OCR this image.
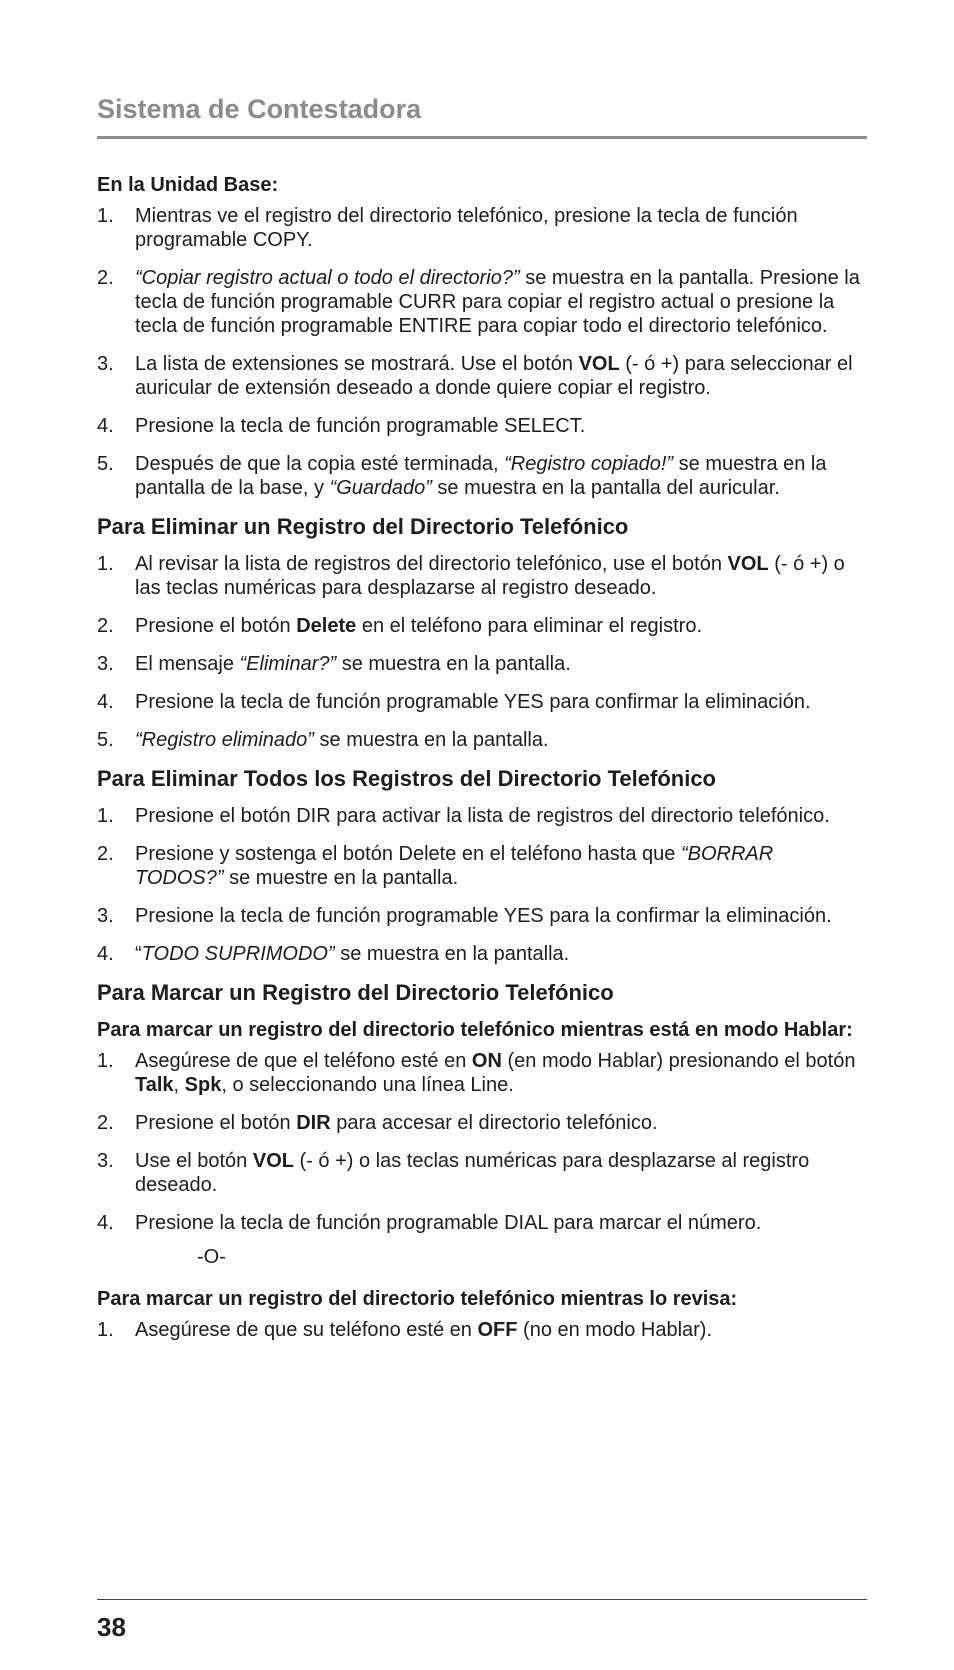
Sistema de Contestadora
En la Unidad Base:
1. Mientras ve el registro del directorio telefónico, presione la tecla de función programable COPY.
2. “Copiar registro actual o todo el directorio?” se muestra en la pantalla. Presione la tecla de función programable CURR para copiar el registro actual o presione la tecla de función programable ENTIRE para copiar todo el directorio telefónico.
3. La lista de extensiones se mostrará. Use el botón VOL (- ó +) para seleccionar el auricular de extensión deseado a donde quiere copiar el registro.
4. Presione la tecla de función programable SELECT.
5. Después de que la copia esté terminada, “Registro copiado!” se muestra en la pantalla de la base, y “Guardado” se muestra en la pantalla del auricular.
Para Eliminar un Registro del Directorio Telefónico
1. Al revisar la lista de registros del directorio telefónico, use el botón VOL (- ó +) o las teclas numéricas para desplazarse al registro deseado.
2. Presione el botón Delete en el teléfono para eliminar el registro.
3. El mensaje “Eliminar?” se muestra en la pantalla.
4. Presione la tecla de función programable YES para confirmar la eliminación.
5. “Registro eliminado” se muestra en la pantalla.
Para Eliminar Todos los Registros del Directorio Telefónico
1. Presione el botón DIR para activar la lista de registros del directorio telefónico.
2. Presione y sostenga el botón Delete en el teléfono hasta que “BORRAR TODOS?” se muestre en la pantalla.
3. Presione la tecla de función programable YES para la confirmar la eliminación.
4. “TODO SUPRIMODO” se muestra en la pantalla.
Para Marcar un Registro del Directorio Telefónico
Para marcar un registro del directorio telefónico mientras está en modo Hablar:
1. Asegúrese de que el teléfono esté en ON (en modo Hablar) presionando el botón Talk, Spk, o seleccionando una línea Line.
2. Presione el botón DIR para accesar el directorio telefónico.
3. Use el botón VOL (- ó +) o las teclas numéricas para desplazarse al registro deseado.
4. Presione la tecla de función programable DIAL para marcar el número.
-O-
Para marcar un registro del directorio telefónico mientras lo revisa:
1. Asegúrese de que su teléfono esté en OFF (no en modo Hablar).

38
